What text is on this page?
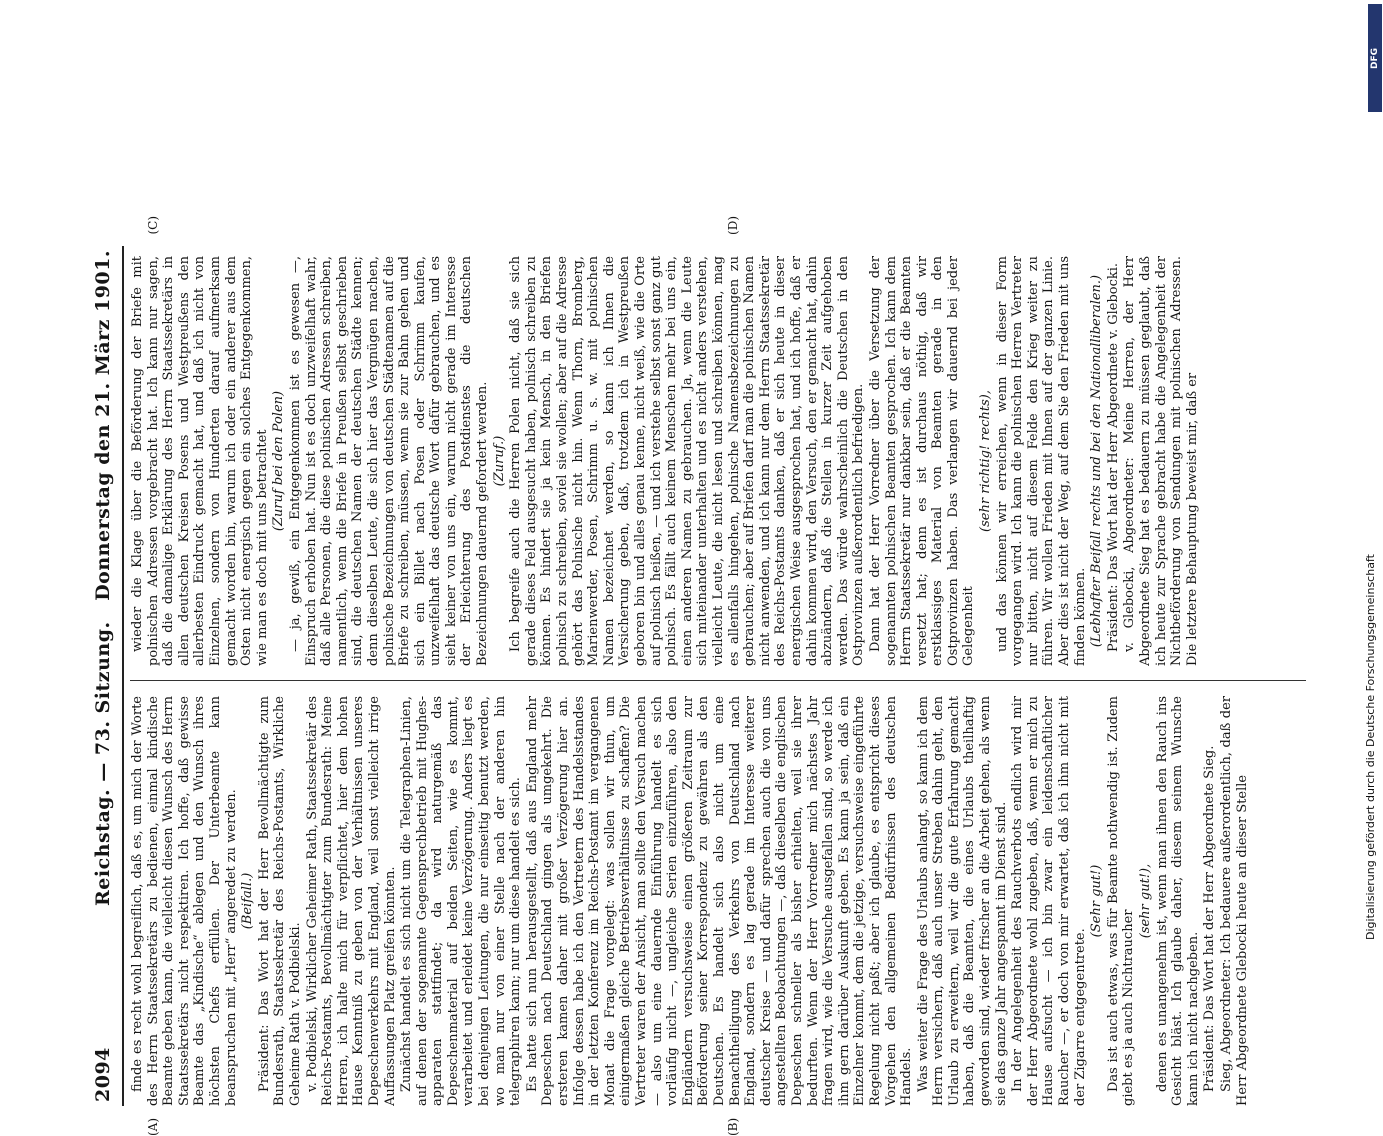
2094
Reichstag. — 73. Sitzung.
Donnerstag den 21. März 1901.

finde es recht wohl begreiflich, daß es, um mich der Worte des Herrn Staatssekretärs zu bedienen, einmal kindische Beamte geben kann, die vielleicht diesen Wunsch des Herrn Staatssekretärs nicht respektiren. Ich hoffe, daß gewisse Beamte das „Kindische“ ablegen und den Wunsch ihres höchsten Chefs erfüllen. Der Unterbeamte kann beanspruchen mit „Herr“ angeredet zu werden. (Beifall.) Präsident: Das Wort hat der Herr Bevollmächtigte zum Bundesrath, Staatssekretär des Reichs-Postamts, Wirkliche Geheime Rath v. Podbielski. v. Podbielski, Wirklicher Geheimer Rath, Staatssekretär des Reichs-Postamts, Bevollmächtigter zum Bundesrath: Meine Herren, ich halte mich für verpflichtet, hier dem hohen Hause Kenntniß zu geben von der Verhältnissen unseres Depeschenverkehrs mit England, weil sonst vielleicht irrige Auffassungen Platz greifen könnten. Zunächst handelt es sich nicht um die Telegraphen-Linien, auf denen der sogenannte Gegensprechbetrieb mit Hughes-apparaten stattfindet; da wird naturgemäß das Depeschenmaterial auf beiden Seiten, wie es kommt, verarbeitet und erleidet keine Verzögerung. Anders liegt es bei denjenigen Leitungen, die nur einseitig benutzt werden, wo man nur von einer Stelle nach der anderen hin telegraphiren kann; nur um diese handelt es sich. Es hatte sich nun herausgestellt, daß aus England mehr Depeschen nach Deutschland gingen als umgekehrt. Die ersteren kamen daher mit großer Verzögerung hier an. Infolge dessen habe ich den Vertretern des Handelsstandes in der letzten Konferenz im Reichs-Postamt im vergangenen Monat die Frage vorgelegt: was sollen wir thun, um einigermaßen gleiche Betriebsverhältnisse zu schaffen? Die Vertreter waren der Ansicht, man sollte den Versuch machen — also um eine dauernde Einführung handelt es sich vorläufig nicht —, ungleiche Serien einzuführen, also den Engländern versuchsweise einen größeren Zeitraum zur Beförderung seiner Korrespondenz zu gewähren als den Deutschen. Es handelt sich also nicht um eine Benachtheiligung des Verkehrs von Deutschland nach England, sondern es lag gerade im Interesse weiterer deutscher Kreise — und dafür sprechen auch die von uns angestellten Beobachtungen —, daß dieselben die englischen Depeschen schneller als bisher erhielten, weil sie ihrer bedurften. Wenn der Herr Vorredner mich nächstes Jahr fragen wird, wie die Versuche ausgefallen sind, so werde ich ihm gern darüber Auskunft geben. Es kann ja sein, daß ein Einzelner kommt, dem die jetzige, versuchsweise eingeführte Regelung nicht paßt; aber ich glaube, es entspricht dieses Vorgehen den allgemeinen Bedürfnissen des deutschen Handels. Was weiter die Frage des Urlaubs anlangt, so kann ich dem Herrn versichern, daß auch unser Streben dahin geht, den Urlaub zu erweitern, weil wir die gute Erfahrung gemacht haben, daß die Beamten, die eines Urlaubs theilhaftig geworden sind, wieder frischer an die Arbeit gehen, als wenn sie das ganze Jahr angespannt im Dienst sind. In der Angelegenheit des Rauchverbots endlich wird mir der Herr Abgeordnete wohl zugeben, daß, wenn er mich zu Hause aufsucht — ich bin zwar ein leidenschaftlicher Raucher —, er doch von mir erwartet, daß ich ihm nicht mit der Zigarre entgegentrete.

(Sehr gut!) Das ist auch etwas, was für Beamte nothwendig ist. Zudem giebt es ja auch Nichtraucher

(sehr gut!), denen es unangenehm ist, wenn man ihnen den Rauch ins Gesicht bläst. Ich glaube daher, diesem seinem Wunsche kann ich nicht nachgeben. Präsident: Das Wort hat der Herr Abgeordnete Sieg. Sieg, Abgeordneter: Ich bedauere außerordentlich, daß der Herr Abgeordnete Glebocki heute an dieser Stelle

wieder die Klage über die Beförderung der Briefe mit polnischen Adressen vorgebracht hat. Ich kann nur sagen, daß die damalige Erklärung des Herrn Staatssekretärs in allen deutschen Kreisen Posens und Westpreußens den allerbesten Eindruck gemacht hat, und daß ich nicht von Einzelnen, sondern von Hunderten darauf aufmerksam gemacht worden bin, warum ich oder ein anderer aus dem Osten nicht energisch gegen ein solches Entgegenkommen, wie man es doch mit uns betrachtet (Zuruf bei den Polen) — ja, gewiß, ein Entgegenkommen ist es gewesen —, Einspruch erhoben hat. Nun ist es doch unzweifelhaft wahr, daß alle Personen, die diese polnischen Adressen schreiben, namentlich, wenn die Briefe in Preußen selbst geschrieben sind, die deutschen Namen der deutschen Städte kennen; denn dieselben Leute, die sich hier das Vergnügen machen, polnische Bezeichnungen von deutschen Städtenamen auf die Briefe zu schreiben, müssen, wenn sie zur Bahn gehen und sich ein Billet nach Posen oder Schrimm kaufen, unzweifelhaft das deutsche Wort dafür gebrauchen, und es sieht keiner von uns ein, warum nicht gerade im Interesse der Erleichterung des Postdienstes die deutschen Bezeichnungen dauernd gefordert werden. (Zuruf.) Ich begreife auch die Herren Polen nicht, daß sie sich gerade dieses Feld ausgesucht haben, polnisch schreiben zu können. Es hindert sie ja kein Mensch, in den Briefen polnisch zu schreiben, soviel sie wollen; aber auf die Adresse gehört das Polnische nicht hin. Wenn Thorn, Bromberg, Marienwerder, Posen, Schrimm u. s. w. mit polnischen Namen bezeichnet werden, so kann ich Ihnen die Versicherung geben, daß, trotzdem ich in Westpreußen geboren bin und alles genau kenne, nicht weiß, wie die Orte auf polnisch heißen, — und ich verstehe selbst sonst ganz gut polnisch. Es fällt auch keinem Menschen mehr bei uns ein, einen anderen Namen zu gebrauchen. Ja, wenn die Leute sich miteinander unterhalten und es nicht anders verstehen, vielleicht Leute, die nicht lesen und schreiben können, mag es allenfalls hingehen, polnische Namensbezeichnungen zu gebrauchen; aber auf Briefen darf man die polnischen Namen nicht anwenden, und ich kann nur dem Herrn Staatssekretär des Reichs-Postamts danken, daß er sich heute in dieser energischen Weise ausgesprochen hat, und ich hoffe, daß er dahin kommen wird, den Versuch, den er gemacht hat, dahin abzuändern, daß die Stellen in kurzer Zeit aufgehoben werden. Das würde wahrscheinlich die Deutschen in den Ostprovinzen außerordentlich befriedigen. Dann hat der Herr Vorredner über die Versetzung der sogenannten polnischen Beamten gesprochen. Ich kann dem Herrn Staatssekretär nur dankbar sein, daß er die Beamten versetzt hat; denn es ist durchaus nöthig, daß wir erstklassiges Material von Beamten gerade in den Ostprovinzen haben. Das verlangen wir dauernd bei jeder Gelegenheit

(sehr richtig! rechts), und das können wir erreichen, wenn in dieser Form vorgegangen wird. Ich kann die polnischen Herren Vertreter nur bitten, nicht auf diesem Felde den Krieg weiter zu führen. Wir wollen Frieden mit Ihnen auf der ganzen Linie. Aber dies ist nicht der Weg, auf dem Sie den Frieden mit uns finden können. (Lebhafter Beifall rechts und bei den Nationalliberalen.) Präsident: Das Wort hat der Herr Abgeordnete v. Glebocki. v. Glebocki, Abgeordneter: Meine Herren, der Herr Abgeordnete Sieg hat es bedauern zu müssen geglaubt, daß ich heute zur Sprache gebracht habe die Angelegenheit der Nichtbeförderung von Sendungen mit polnischen Adressen. Die letztere Behauptung beweist mir, daß er

(A)	(B)
(C)	(D)
DFG
Digitalisierung gefördert durch die Deutsche Forschungsgemeinschaft
